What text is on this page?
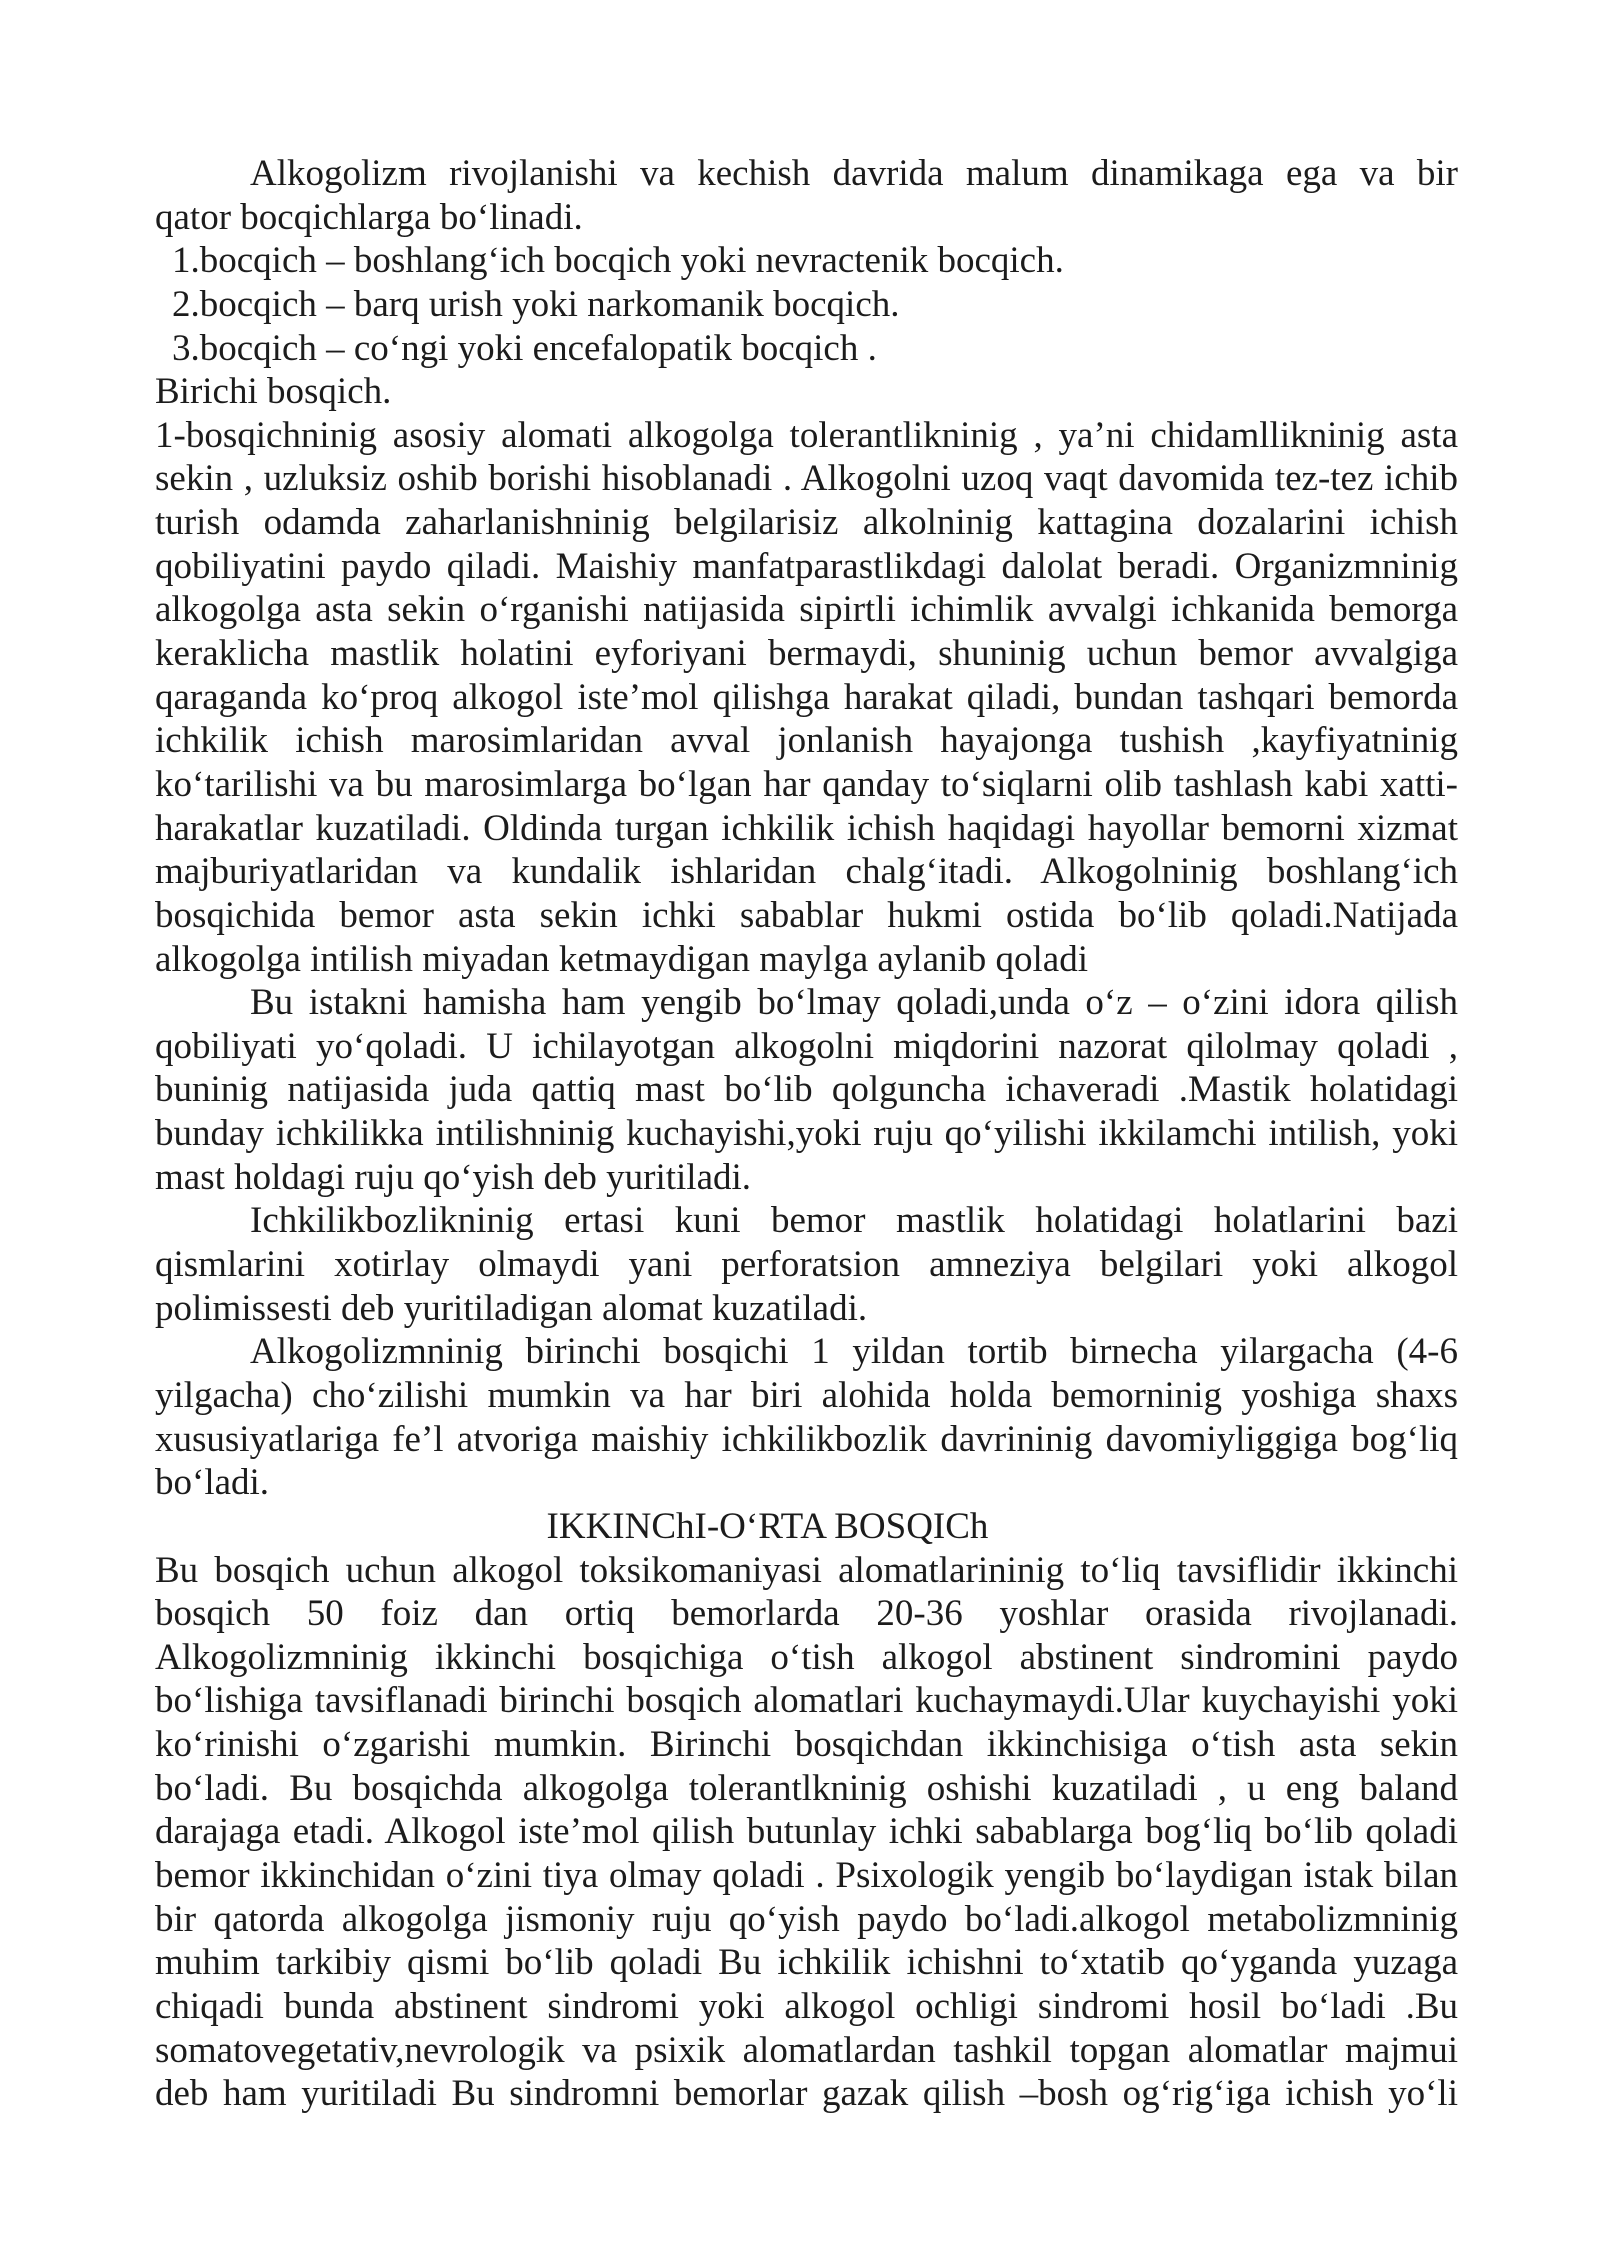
Alkogolizm rivojlanishi va kechish davrida malum dinamikaga ega va bir
qator bocqichlarga bo‘linadi.
1.bocqich – boshlang‘ich bocqich yoki nevractenik bocqich.
2.bocqich – barq urish yoki narkomanik bocqich.
3.bocqich – co‘ngi yoki encefalopatik bocqich .
Birichi bosqich.
1-bosqichninig asosiy alomati alkogolga tolerantlikninig , ya’ni chidamllikninig asta
sekin , uzluksiz oshib borishi hisoblanadi . Alkogolni uzoq vaqt davomida tez-tez ichib
turish odamda zaharlanishninig belgilarisiz alkolninig kattagina dozalarini ichish
qobiliyatini paydo qiladi. Maishiy manfatparastlikdagi dalolat beradi. Organizmninig
alkogolga asta sekin o‘rganishi natijasida sipirtli ichimlik avvalgi ichkanida bemorga
keraklicha mastlik holatini eyforiyani bermaydi, shuninig uchun bemor avvalgiga
qaraganda ko‘proq alkogol iste’mol qilishga harakat qiladi, bundan tashqari bemorda
ichkilik ichish marosimlaridan avval jonlanish hayajonga tushish ,kayfiyatninig
ko‘tarilishi va bu marosimlarga bo‘lgan har qanday to‘siqlarni olib tashlash kabi xatti-
harakatlar kuzatiladi. Oldinda turgan ichkilik ichish haqidagi hayollar bemorni xizmat
majburiyatlaridan va kundalik ishlaridan chalg‘itadi. Alkogolninig boshlang‘ich
bosqichida bemor asta sekin ichki sabablar hukmi ostida bo‘lib qoladi.Natijada
alkogolga intilish miyadan ketmaydigan maylga aylanib qoladi
Bu istakni hamisha ham yengib bo‘lmay qoladi,unda o‘z – o‘zini idora qilish
qobiliyati yo‘qoladi. U ichilayotgan alkogolni miqdorini nazorat qilolmay qoladi ,
buninig natijasida juda qattiq mast bo‘lib qolguncha ichaveradi .Mastik holatidagi
bunday ichkilikka intilishninig kuchayishi,yoki ruju qo‘yilishi ikkilamchi intilish, yoki
mast holdagi ruju qo‘yish deb yuritiladi.
Ichkilikbozlikninig ertasi kuni bemor mastlik holatidagi holatlarini bazi
qismlarini xotirlay olmaydi yani perforatsion amneziya belgilari yoki alkogol
polimissesti deb yuritiladigan alomat kuzatiladi.
Alkogolizmninig birinchi bosqichi 1 yildan tortib birnecha yilargacha (4-6
yilgacha) cho‘zilishi mumkin va har biri alohida holda bemorninig yoshiga shaxs
xususiyatlariga fe’l atvoriga maishiy ichkilikbozlik davrininig davomiyliggiga bog‘liq
bo‘ladi.
IKKINChI-O‘RTA BOSQICh
Bu bosqich uchun alkogol toksikomaniyasi alomatlarininig to‘liq tavsiflidir ikkinchi
bosqich 50 foiz dan ortiq bemorlarda 20-36 yoshlar orasida rivojlanadi.
Alkogolizmninig ikkinchi bosqichiga o‘tish alkogol abstinent sindromini paydo
bo‘lishiga tavsiflanadi birinchi bosqich alomatlari kuchaymaydi.Ular kuychayishi yoki
ko‘rinishi o‘zgarishi mumkin. Birinchi bosqichdan ikkinchisiga o‘tish asta sekin
bo‘ladi. Bu bosqichda alkogolga tolerantlkninig oshishi kuzatiladi , u eng baland
darajaga etadi. Alkogol iste’mol qilish butunlay ichki sabablarga bog‘liq bo‘lib qoladi
bemor ikkinchidan o‘zini tiya olmay qoladi . Psixologik yengib bo‘laydigan istak bilan
bir qatorda alkogolga jismoniy ruju qo‘yish paydo bo‘ladi.alkogol metabolizmninig
muhim tarkibiy qismi bo‘lib qoladi Bu ichkilik ichishni to‘xtatib qo‘yganda yuzaga
chiqadi bunda abstinent sindromi yoki alkogol ochligi sindromi hosil bo‘ladi .Bu
somatovegetativ,nevrologik va psixik alomatlardan tashkil topgan alomatlar majmui
deb ham yuritiladi Bu sindromni bemorlar gazak qilish –bosh og‘rig‘iga ichish yo‘li
